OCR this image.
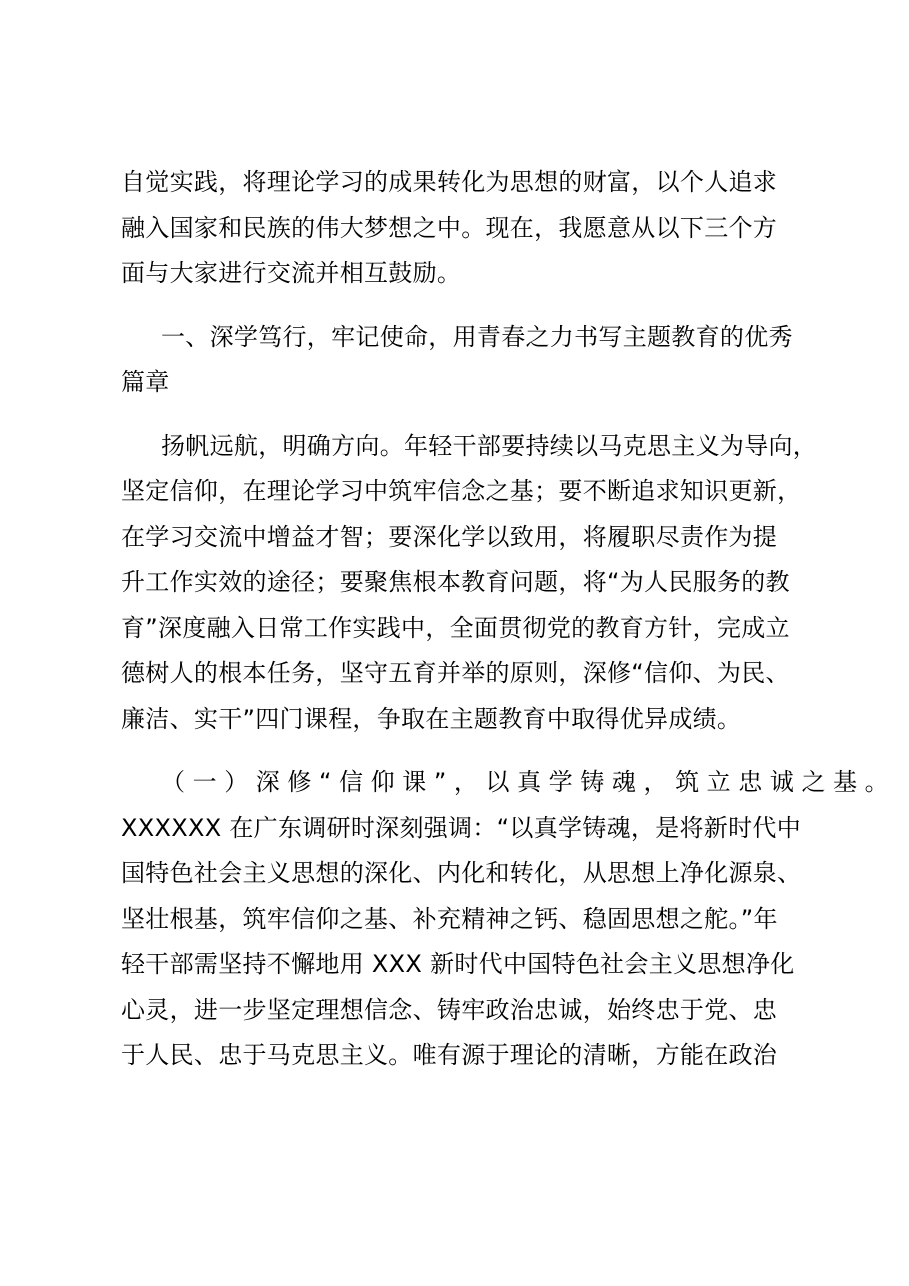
自觉实践，将理论学习的成果转化为思想的财富，以个人追求
融入国家和民族的伟大梦想之中。现在，我愿意从以下三个方
面与大家进行交流并相互鼓励。
一、深学笃行，牢记使命，用青春之力书写主题教育的优秀
篇章
扬帆远航，明确方向。年轻干部要持续以马克思主义为导向，
坚定信仰，在理论学习中筑牢信念之基；要不断追求知识更新，
在学习交流中增益才智；要深化学以致用，将履职尽责作为提
升工作实效的途径；要聚焦根本教育问题，将“为人民服务的教
育”深度融入日常工作实践中，全面贯彻党的教育方针，完成立
德树人的根本任务，坚守五育并举的原则，深修“信仰、为民、
廉洁、实干”四门课程，争取在主题教育中取得优异成绩。
（一）深修“信仰课”，以真学铸魂，筑立忠诚之基。
XXXXXX 在广东调研时深刻强调：“以真学铸魂，是将新时代中
国特色社会主义思想的深化、内化和转化，从思想上净化源泉、
坚壮根基，筑牢信仰之基、补充精神之钙、稳固思想之舵。”年
轻干部需坚持不懈地用 XXX 新时代中国特色社会主义思想净化
心灵，进一步坚定理想信念、铸牢政治忠诚，始终忠于党、忠
于人民、忠于马克思主义。唯有源于理论的清晰，方能在政治
